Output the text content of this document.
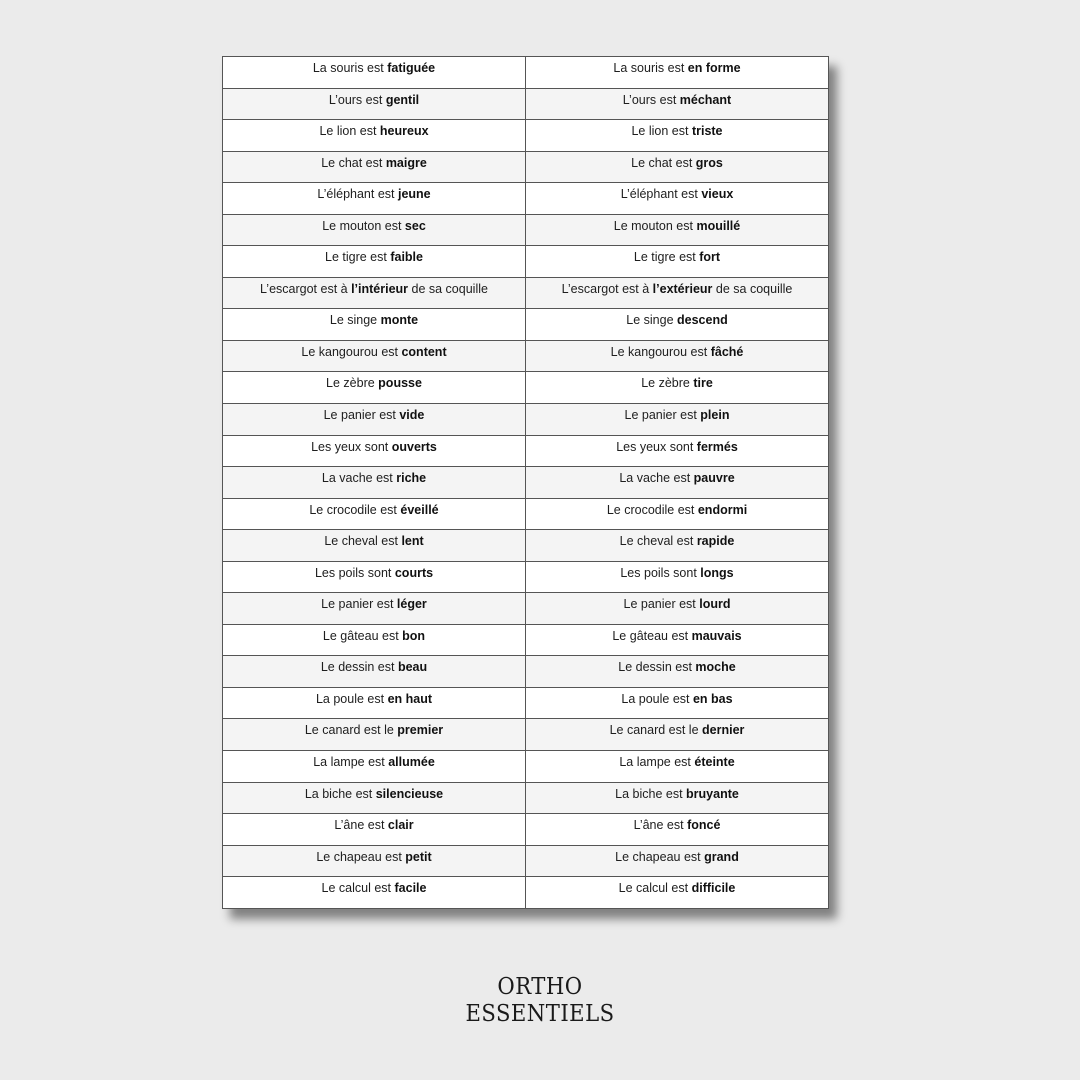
La souris est fatiguée	La souris est en forme
L’ours est gentil	L’ours est méchant
Le lion est heureux	Le lion est triste
Le chat est maigre	Le chat est gros
L’éléphant est jeune	L’éléphant est vieux
Le mouton est sec	Le mouton est mouillé
Le tigre est faible	Le tigre est fort
L’escargot est à l’intérieur de sa coquille	L’escargot est à l’extérieur de sa coquille
Le singe monte	Le singe descend
Le kangourou est content	Le kangourou est fâché
Le zèbre pousse	Le zèbre tire
Le panier est vide	Le panier est plein
Les yeux sont ouverts	Les yeux sont fermés
La vache est riche	La vache est pauvre
Le crocodile est éveillé	Le crocodile est endormi
Le cheval est lent	Le cheval est rapide
Les poils sont courts	Les poils sont longs
Le panier est léger	Le panier est lourd
Le gâteau est bon	Le gâteau est mauvais
Le dessin est beau	Le dessin est moche
La poule est en haut	La poule est en bas
Le canard est le premier	Le canard est le dernier
La lampe est allumée	La lampe est éteinte
La biche est silencieuse	La biche est bruyante
L’âne est clair	L’âne est foncé
Le chapeau est petit	Le chapeau est grand
Le calcul est facile	Le calcul est difficile
ORTHO
ESSENTIELS
